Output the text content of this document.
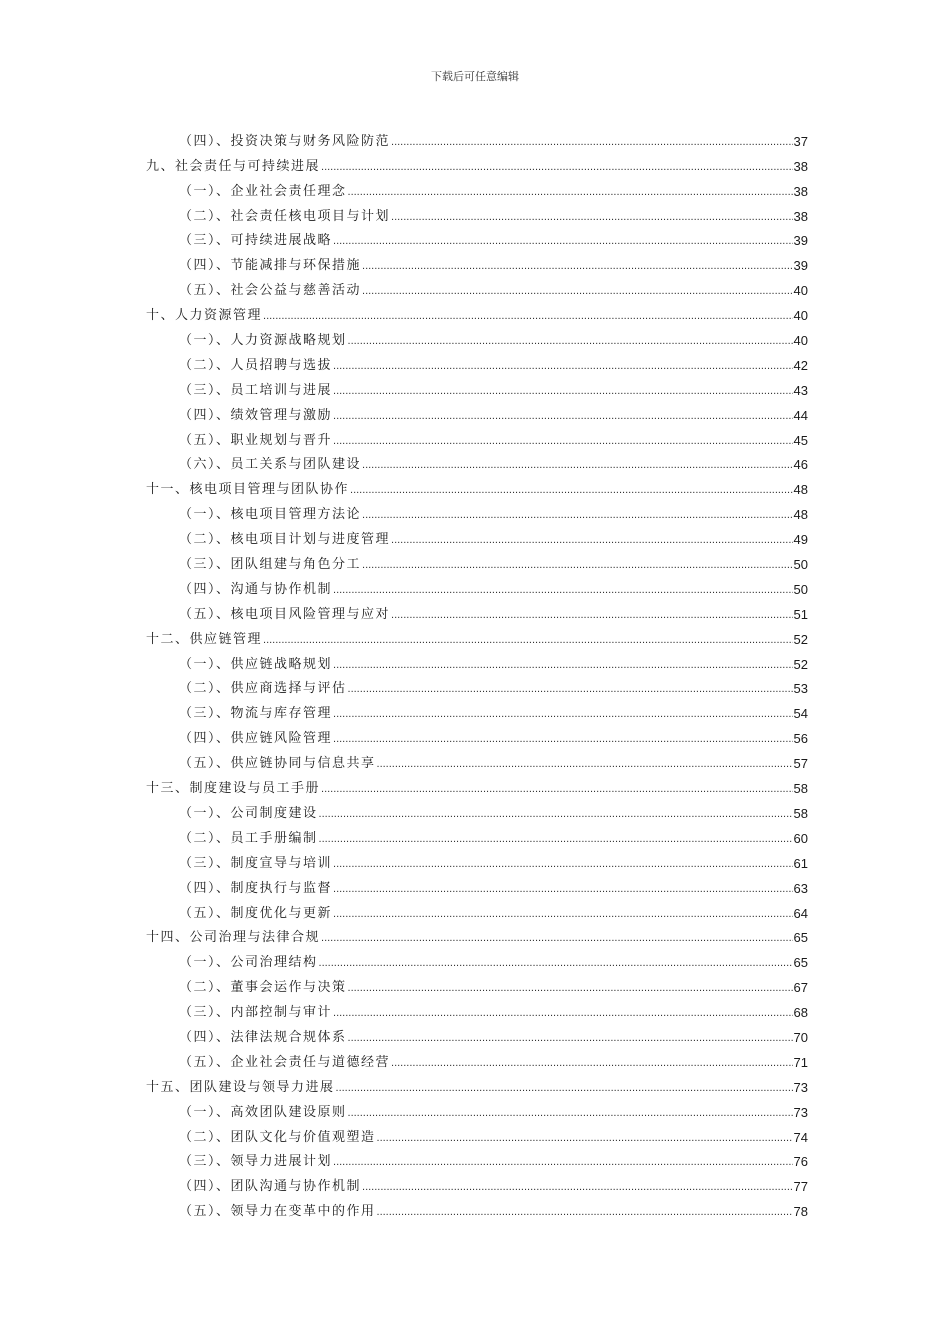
下载后可任意编辑
（四）、投资决策与财务风险防范 .....	37
九、社会责任与可持续进展 .....	38
（一）、企业社会责任理念 .....	38
（二）、社会责任核电项目与计划 .....	38
（三）、可持续进展战略 .....	39
（四）、节能减排与环保措施 .....	39
（五）、社会公益与慈善活动 .....	40
十、人力资源管理 .....	40
（一）、人力资源战略规划 .....	40
（二）、人员招聘与选拔 .....	42
（三）、员工培训与进展 .....	43
（四）、绩效管理与激励 .....	44
（五）、职业规划与晋升 .....	45
（六）、员工关系与团队建设 .....	46
十一、核电项目管理与团队协作 .....	48
（一）、核电项目管理方法论 .....	48
（二）、核电项目计划与进度管理 .....	49
（三）、团队组建与角色分工 .....	50
（四）、沟通与协作机制 .....	50
（五）、核电项目风险管理与应对 .....	51
十二、供应链管理 .....	52
（一）、供应链战略规划 .....	52
（二）、供应商选择与评估 .....	53
（三）、物流与库存管理 .....	54
（四）、供应链风险管理 .....	56
（五）、供应链协同与信息共享 .....	57
十三、制度建设与员工手册 .....	58
（一）、公司制度建设 .....	58
（二）、员工手册编制 .....	60
（三）、制度宣导与培训 .....	61
（四）、制度执行与监督 .....	63
（五）、制度优化与更新 .....	64
十四、公司治理与法律合规 .....	65
（一）、公司治理结构 .....	65
（二）、董事会运作与决策 .....	67
（三）、内部控制与审计 .....	68
（四）、法律法规合规体系 .....	70
（五）、企业社会责任与道德经营 .....	71
十五、团队建设与领导力进展 .....	73
（一）、高效团队建设原则 .....	73
（二）、团队文化与价值观塑造 .....	74
（三）、领导力进展计划 .....	76
（四）、团队沟通与协作机制 .....	77
（五）、领导力在变革中的作用 .....	78
